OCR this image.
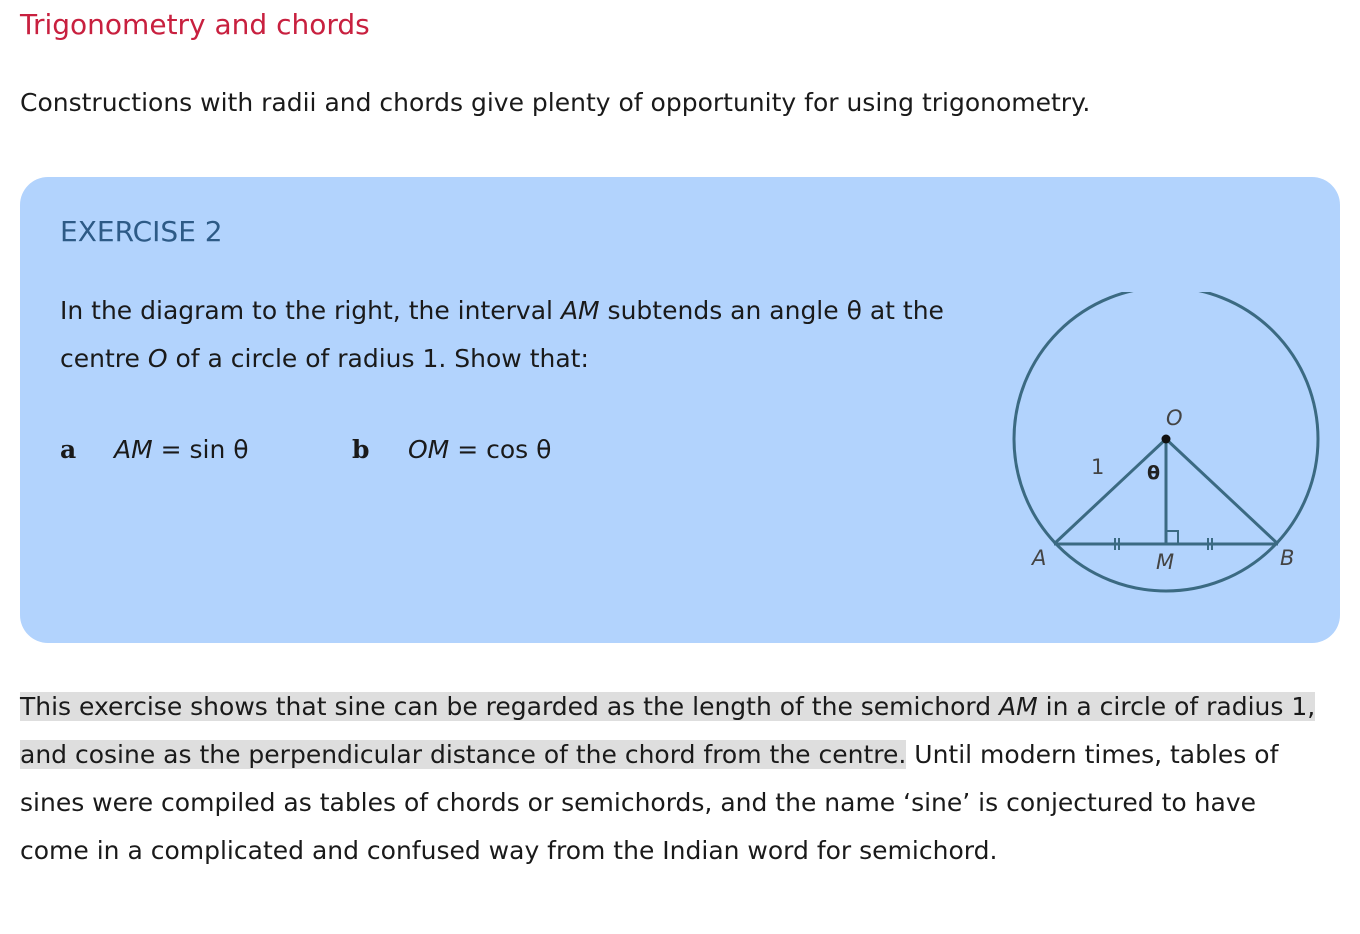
Trigonometry and chords

Constructions with radii and chords give plenty of opportunity for using trigonometry.

EXERCISE 2

In the diagram to the right, the interval AM subtends an angle θ at the centre O of a circle of radius 1. Show that:

a AM = sin θ	b OM = cos θ
O
θ
1
A	M	B

This exercise shows that sine can be regarded as the length of the semichord AM in a circle of radius 1, and cosine as the perpendicular distance of the chord from the centre. Until modern times, tables of sines were compiled as tables of chords or semichords, and the name ‘sine’ is conjectured to have come in a complicated and confused way from the Indian word for semichord.
